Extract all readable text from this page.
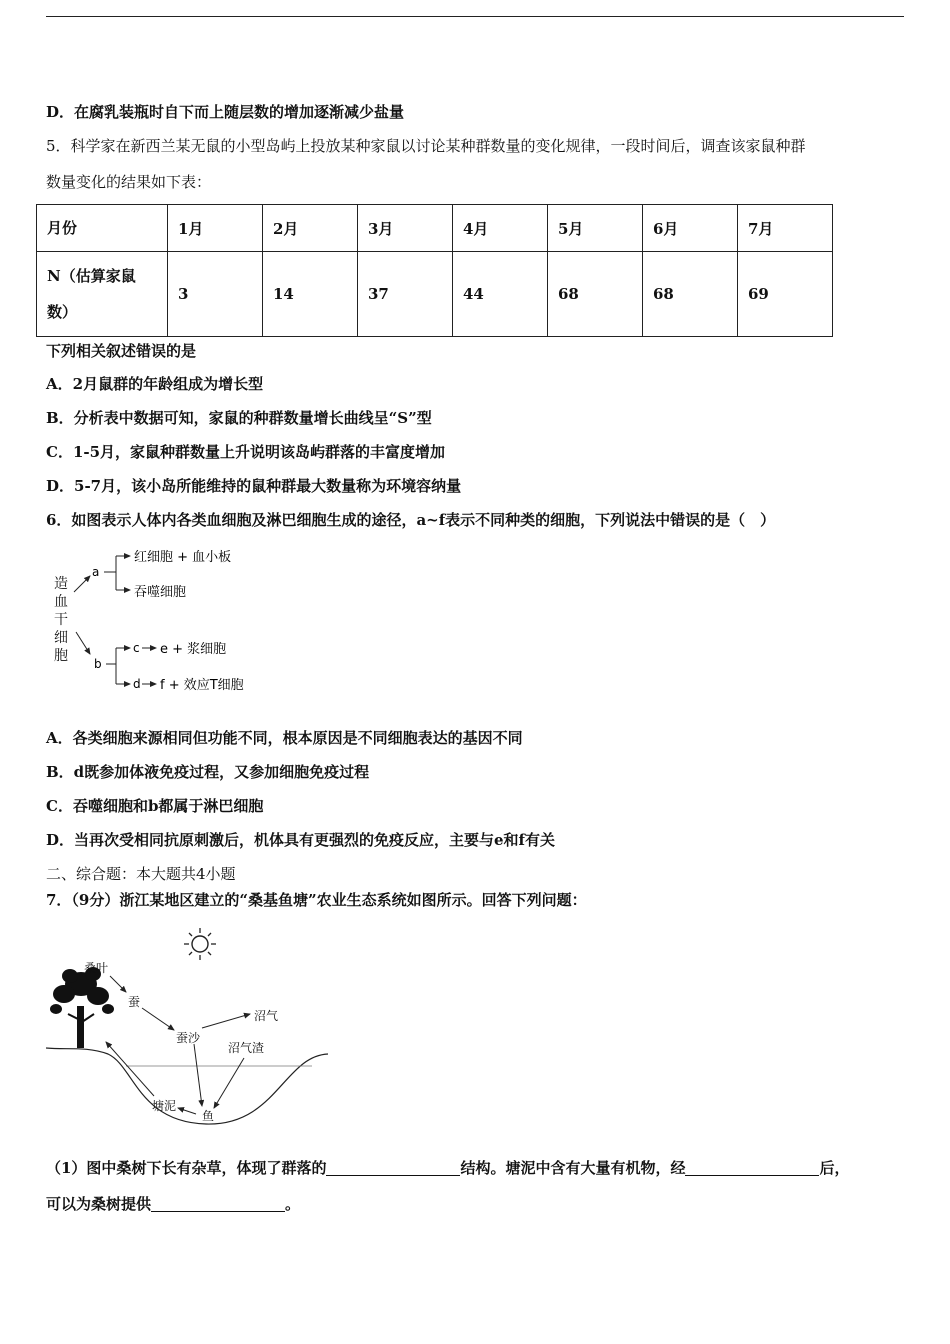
D．在腐乳装瓶时自下而上随层数的增加逐渐减少盐量
5．科学家在新西兰某无鼠的小型岛屿上投放某种家鼠以讨论某种群数量的变化规律，一段时间后，调查该家鼠种群
数量变化的结果如下表：
月份	1月	2月	3月	4月	5月	6月	7月
N（估算家鼠
数）	3	14	37	44	68	68	69
下列相关叙述错误的是
A．2月鼠群的年龄组成为增长型
B．分析表中数据可知，家鼠的种群数量增长曲线呈“S”型
C．1-5月，家鼠种群数量上升说明该岛屿群落的丰富度增加
D．5-7月，该小岛所能维持的鼠种群最大数量称为环境容纳量
6．如图表示人体内各类血细胞及淋巴细胞生成的途径，a~f表示不同种类的细胞，下列说法中错误的是（　）
造
血
干
细
胞
a
红细胞 + 血小板
吞噬细胞
b
c e + 浆细胞
d f + 效应T细胞
A．各类细胞来源相同但功能不同，根本原因是不同细胞表达的基因不同
B．d既参加体液免疫过程，又参加细胞免疫过程
C．吞噬细胞和b都属于淋巴细胞
D．当再次受相同抗原刺激后，机体具有更强烈的免疫反应，主要与e和f有关
二、综合题：本大题共4小题
7．（9分）浙江某地区建立的“桑基鱼塘”农业生态系统如图所示。回答下列问题：
桑叶
蚕
蚕沙
沼气
沼气渣
塘泥
鱼
（1）图中桑树下长有杂草，体现了群落的	结构。塘泥中含有大量有机物，经	后，
可以为桑树提供	。
